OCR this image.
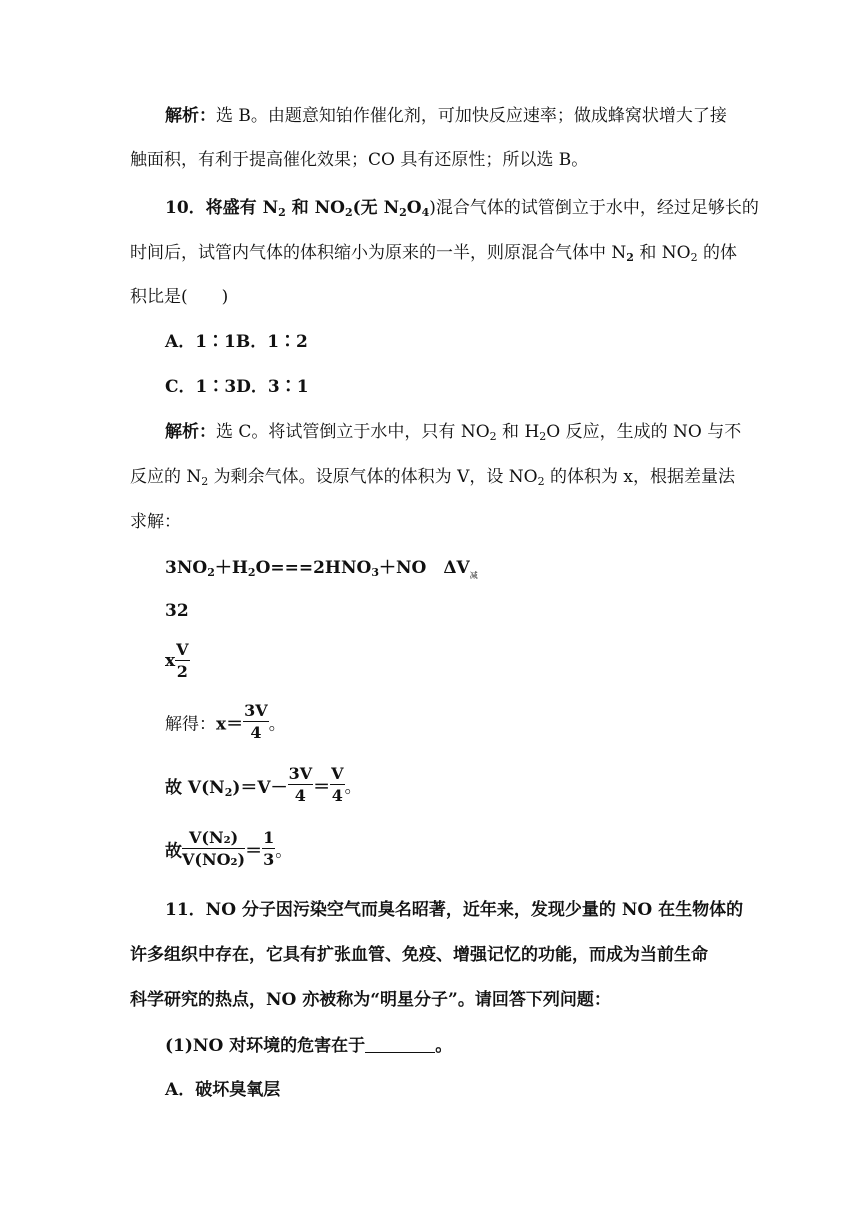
解析：选 B。由题意知铂作催化剂，可加快反应速率；做成蜂窝状增大了接
触面积，有利于提高催化效果；CO 具有还原性；所以选 B。
10．将盛有 $N_2$ 和 $NO_2$(无 $N_2O_4$)混合气体的试管倒立于水中，经过足够长的
时间后，试管内气体的体积缩小为原来的一半，则原混合气体中 $N_2$ 和 $NO_2$ 的体
积比是(　　)
A．1∶1B．1∶2
C．1∶3D．3∶1
解析：选 C。将试管倒立于水中，只有 $NO_2$ 和 $H_2O$ 反应，生成的 NO 与不
反应的 $N_2$ 为剩余气体。设原气体的体积为 V，设 $NO_2$ 的体积为 x，根据差量法
求解：
$3NO_2+H_2O===2HNO_3+NO$　$\Delta V_减$
32
x $\frac{V}{2}$
解得：$x= \frac{3V}{4}$ 。
故 $V(N_2)=V- \frac{3V}{4} = \frac{V}{4}$ 。
故 $\frac{\text{V(N₂)}}{\text{V(NO₂)}} = \frac{1}{3}$ 。
11．NO 分子因污染空气而臭名昭著，近年来，发现少量的 NO 在生物体的
许多组织中存在，它具有扩张血管、免疫、增强记忆的功能，而成为当前生命
科学研究的热点，NO 亦被称为“明星分子”。请回答下列问题：
(1)NO 对环境的危害在于	。
A．破坏臭氧层
